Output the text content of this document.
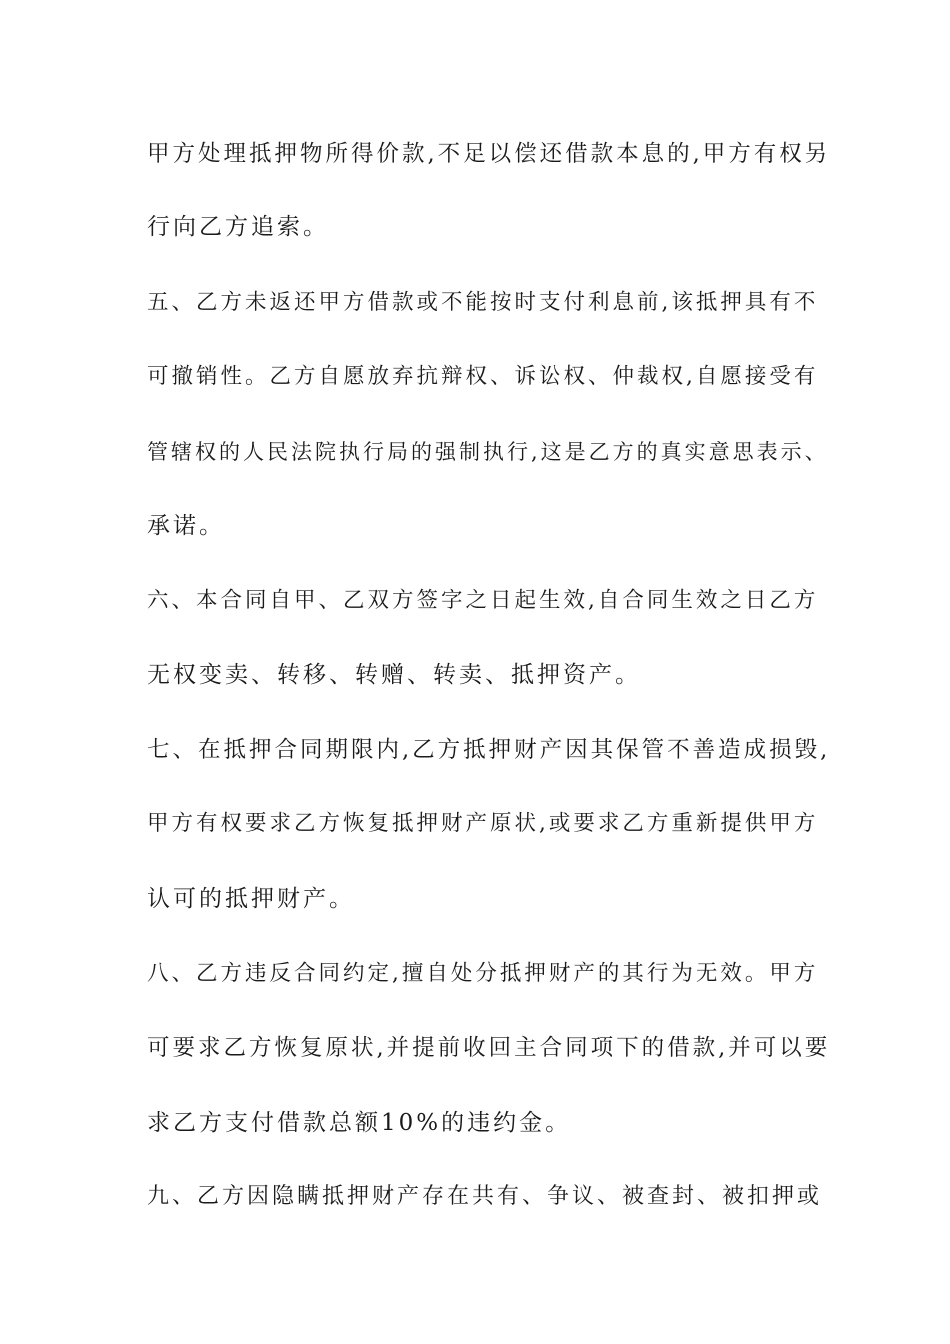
甲方处理抵押物所得价款,不足以偿还借款本息的,甲方有权另
行向乙方追索。
五、乙方未返还甲方借款或不能按时支付利息前,该抵押具有不
可撤销性。乙方自愿放弃抗辩权、诉讼权、仲裁权,自愿接受有
管辖权的人民法院执行局的强制执行,这是乙方的真实意思表示、
承诺。
六、本合同自甲、乙双方签字之日起生效,自合同生效之日乙方
无权变卖、转移、转赠、转卖、抵押资产。
七、在抵押合同期限内,乙方抵押财产因其保管不善造成损毁,
甲方有权要求乙方恢复抵押财产原状,或要求乙方重新提供甲方
认可的抵押财产。
八、乙方违反合同约定,擅自处分抵押财产的其行为无效。甲方
可要求乙方恢复原状,并提前收回主合同项下的借款,并可以要
求乙方支付借款总额10%的违约金。
九、乙方因隐瞒抵押财产存在共有、争议、被查封、被扣押或
